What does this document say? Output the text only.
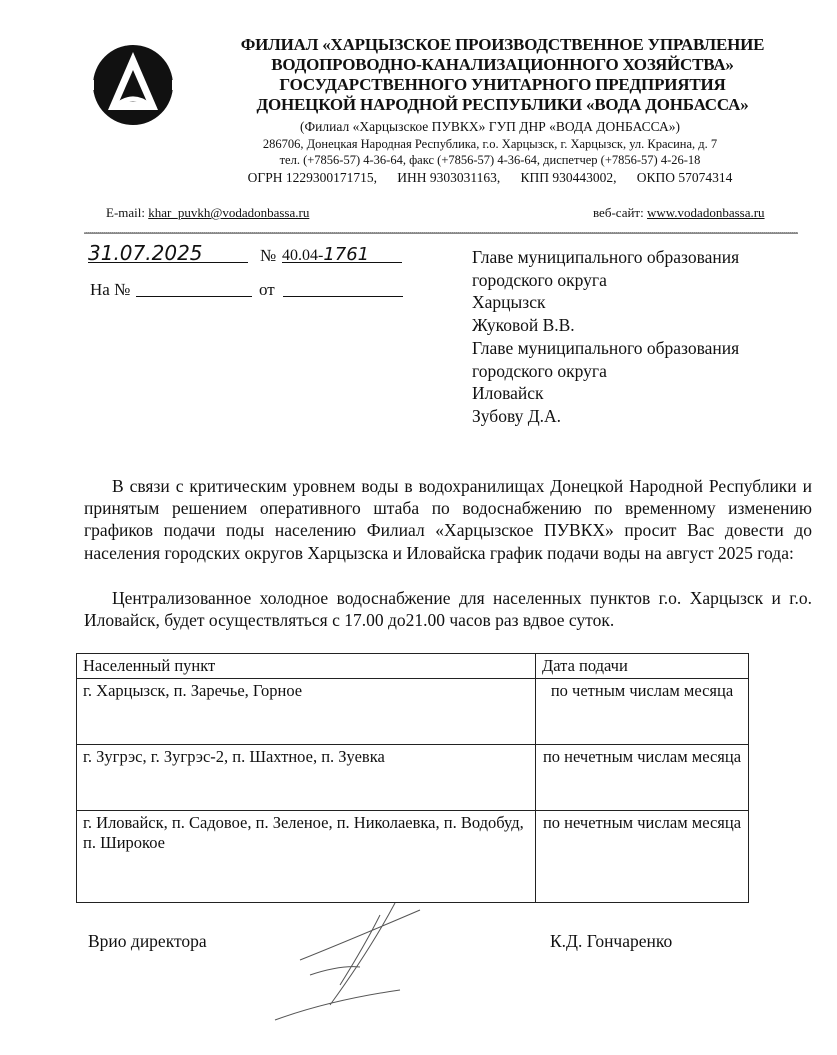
ФИЛИАЛ «ХАРЦЫЗСКОЕ ПРОИЗВОДСТВЕННОЕ УПРАВЛЕНИЕ
ВОДОПРОВОДНО-КАНАЛИЗАЦИОННОГО ХОЗЯЙСТВА»
ГОСУДАРСТВЕННОГО УНИТАРНОГО ПРЕДПРИЯТИЯ
ДОНЕЦКОЙ НАРОДНОЙ РЕСПУБЛИКИ «ВОДА ДОНБАССА»
(Филиал «Харцызское ПУВКХ» ГУП ДНР «ВОДА ДОНБАССА»)
286706, Донецкая Народная Республика, г.о. Харцызск, г. Харцызск, ул. Красина, д. 7
тел. (+7856-57) 4-36-64, факс (+7856-57) 4-36-64, диспетчер (+7856-57) 4-26-18
ОГРН 1229300171715,      ИНН 9303031163,      КПП 930443002,      ОКПО 57074314
E-mail: khar_puvkh@vodadonbassa.ru	веб-сайт: www.vodadonbassa.ru
31.07.2025	№ 40.04-1761
На №	от
Главе муниципального образования
городского округа
Харцызск
Жуковой В.В.
Главе муниципального образования
городского округа
Иловайск
Зубову Д.А.
В связи с критическим уровнем воды в водохранилищах Донецкой Народной Республики и принятым решением оперативного штаба по водоснабжению по временному изменению графиков подачи поды населению Филиал «Харцызское ПУВКХ» просит Вас довести до населения городских округов Харцызска и Иловайска график подачи воды на август 2025 года:
Централизованное холодное водоснабжение для населенных пунктов г.о. Харцызск и г.о. Иловайск, будет осуществляться с 17.00 до21.00 часов раз вдвое суток.
Населенный пункт	Дата подачи
г. Харцызск, п. Заречье, Горное	по четным числам месяца
г. Зугрэс, г. Зугрэс-2, п. Шахтное, п. Зуевка	по нечетным числам месяца
г. Иловайск, п. Садовое, п. Зеленое, п. Николаевка, п. Водобуд, п. Широкое	по нечетным числам месяца
Врио директора	К.Д. Гончаренко
